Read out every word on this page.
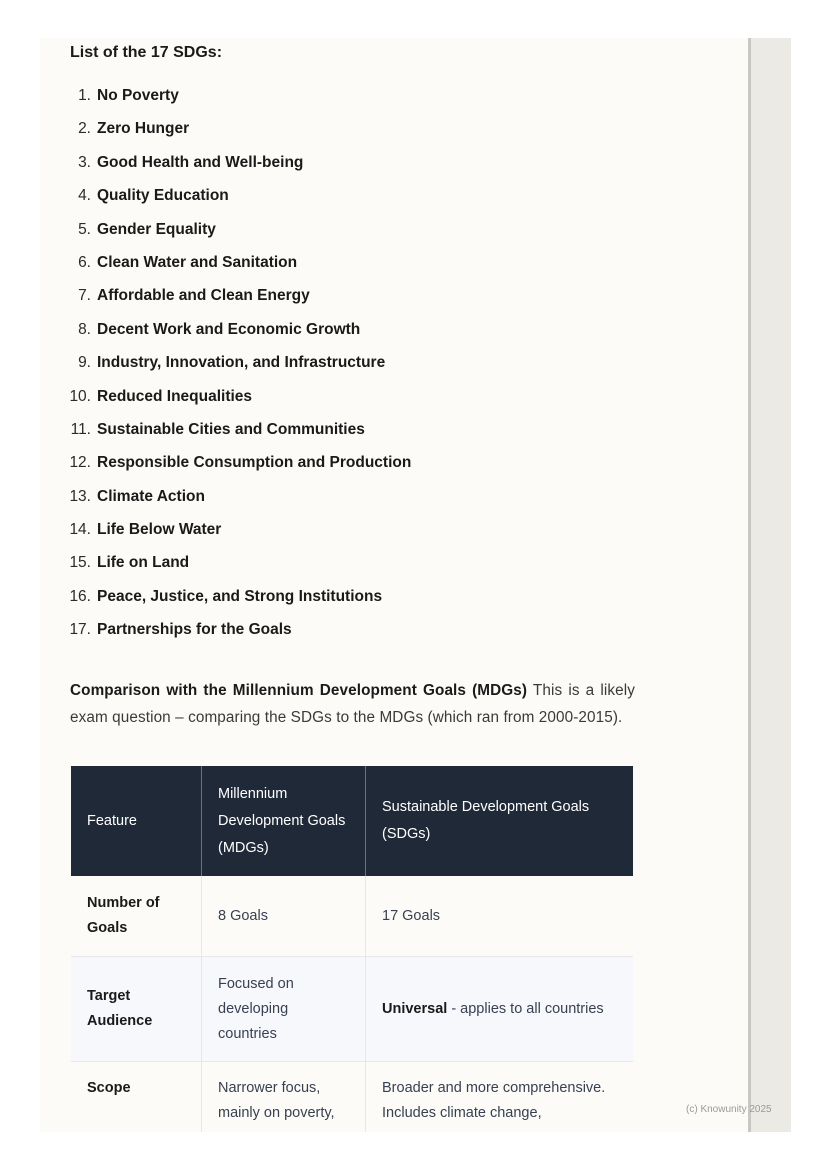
List of the 17 SDGs:
1. No Poverty
2. Zero Hunger
3. Good Health and Well-being
4. Quality Education
5. Gender Equality
6. Clean Water and Sanitation
7. Affordable and Clean Energy
8. Decent Work and Economic Growth
9. Industry, Innovation, and Infrastructure
10. Reduced Inequalities
11. Sustainable Cities and Communities
12. Responsible Consumption and Production
13. Climate Action
14. Life Below Water
15. Life on Land
16. Peace, Justice, and Strong Institutions
17. Partnerships for the Goals

Comparison with the Millennium Development Goals (MDGs) This is a likely exam question – comparing the SDGs to the MDGs (which ran from 2000-2015).

Feature	Millennium Development Goals (MDGs)	Sustainable Development Goals (SDGs)
Number of Goals	8 Goals	17 Goals
Target Audience	Focused on developing countries	Universal - applies to all countries
Scope	Narrower focus, mainly on poverty,	Broader and more comprehensive. Includes climate change,	(c) Knowunity 2025
